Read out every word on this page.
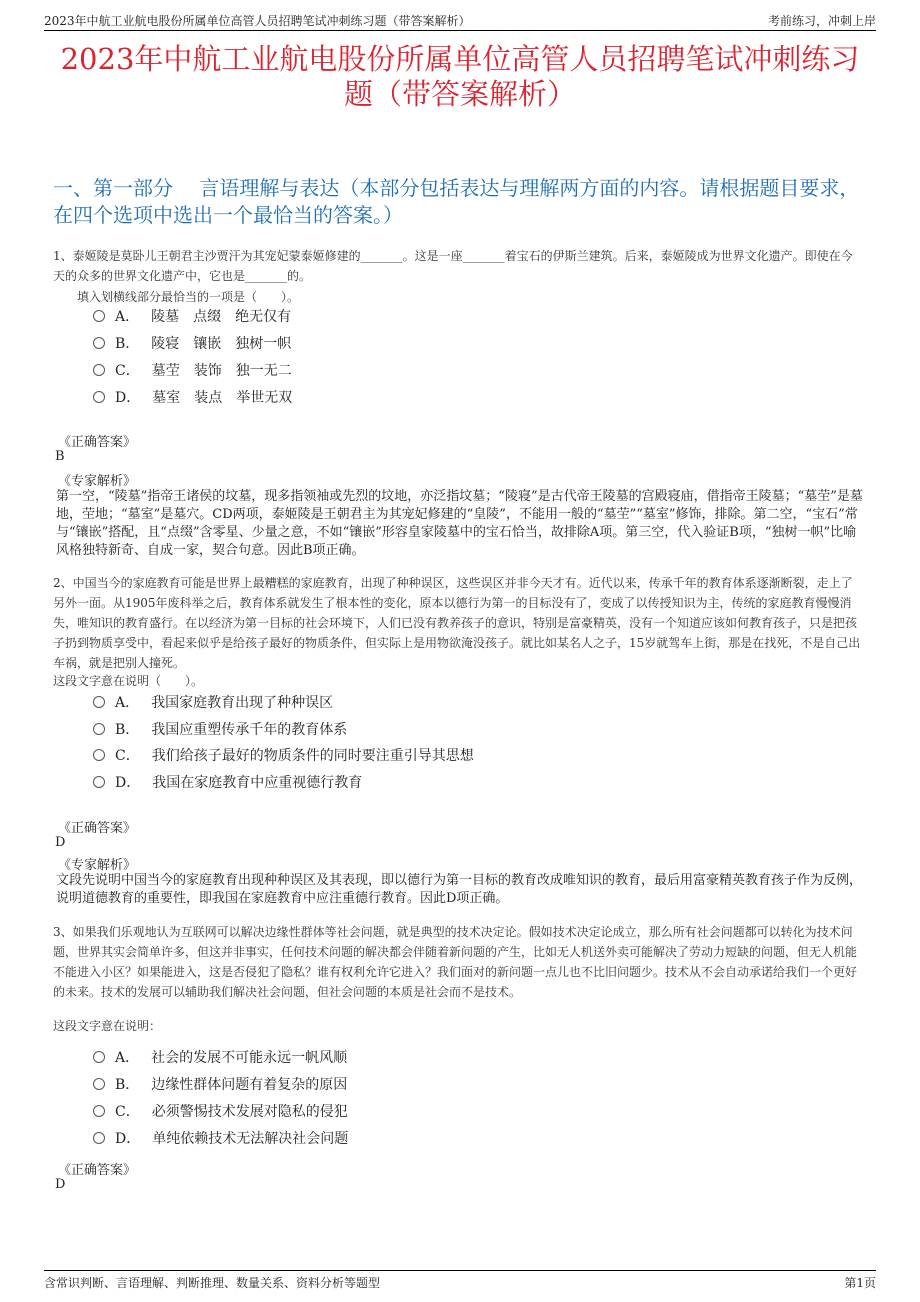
2023年中航工业航电股份所属单位高管人员招聘笔试冲刺练习题（带答案解析）	考前练习，冲刺上岸
2023年中航工业航电股份所属单位高管人员招聘笔试冲刺练习题（带答案解析）
一、第一部分　 言语理解与表达（本部分包括表达与理解两方面的内容。请根据题目要求，在四个选项中选出一个最恰当的答案。）
1、泰姬陵是莫卧儿王朝君主沙贾汗为其宠妃蒙泰姬修建的_______。这是一座_______着宝石的伊斯兰建筑。后来，泰姬陵成为世界文化遗产。即使在今天的众多的世界文化遗产中，它也是_______的。
填入划横线部分最恰当的一项是（　　）。
A． 陵墓　点缀　绝无仅有
B． 陵寝　镶嵌　独树一帜
C． 墓茔　装饰　独一无二
D． 墓室　装点　举世无双
《正确答案》
B
《专家解析》
第一空，“陵墓”指帝王诸侯的坟墓，现多指领袖或先烈的坟地，亦泛指坟墓；“陵寝”是古代帝王陵墓的宫殿寝庙，借指帝王陵墓；“墓茔”是墓地，茔地；“墓室”是墓穴。CD两项，泰姬陵是王朝君主为其宠妃修建的“皇陵”，不能用一般的“墓茔”“墓室”修饰，排除。第二空，“宝石”常与“镶嵌”搭配，且“点缀”含零星、少量之意，不如“镶嵌”形容皇家陵墓中的宝石恰当，故排除A项。第三空，代入验证B项，“独树一帜”比喻风格独特新奇、自成一家，契合句意。因此B项正确。
2、中国当今的家庭教育可能是世界上最糟糕的家庭教育，出现了种种误区，这些误区并非今天才有。近代以来，传承千年的教育体系逐渐断裂，走上了另外一面。从1905年废科举之后，教育体系就发生了根本性的变化，原本以德行为第一的目标没有了，变成了以传授知识为主，传统的家庭教育慢慢消失，唯知识的教育盛行。在以经济为第一目标的社会环境下，人们已没有教养孩子的意识，特别是富豪精英，没有一个知道应该如何教育孩子，只是把孩子扔到物质享受中，看起来似乎是给孩子最好的物质条件，但实际上是用物欲淹没孩子。就比如某名人之子，15岁就驾车上街，那是在找死，不是自己出车祸，就是把别人撞死。
这段文字意在说明（　　）。
A． 我国家庭教育出现了种种误区
B． 我国应重塑传承千年的教育体系
C． 我们给孩子最好的物质条件的同时要注重引导其思想
D． 我国在家庭教育中应重视德行教育
《正确答案》
D
《专家解析》
文段先说明中国当今的家庭教育出现种种误区及其表现，即以德行为第一目标的教育改成唯知识的教育，最后用富豪精英教育孩子作为反例，说明道德教育的重要性，即我国在家庭教育中应注重德行教育。因此D项正确。
3、如果我们乐观地认为互联网可以解决边缘性群体等社会问题，就是典型的技术决定论。假如技术决定论成立，那么所有社会问题都可以转化为技术问题，世界其实会简单许多，但这并非事实，任何技术问题的解决都会伴随着新问题的产生，比如无人机送外卖可能解决了劳动力短缺的问题，但无人机能不能进入小区？如果能进入，这是否侵犯了隐私？谁有权利允许它进入？我们面对的新问题一点儿也不比旧问题少。技术从不会自动承诺给我们一个更好的未来。技术的发展可以辅助我们解决社会问题，但社会问题的本质是社会而不是技术。
这段文字意在说明：
A． 社会的发展不可能永远一帆风顺
B． 边缘性群体问题有着复杂的原因
C． 必须警惕技术发展对隐私的侵犯
D． 单纯依赖技术无法解决社会问题
《正确答案》
D
含常识判断、言语理解、判断推理、数量关系、资料分析等题型	第1页
